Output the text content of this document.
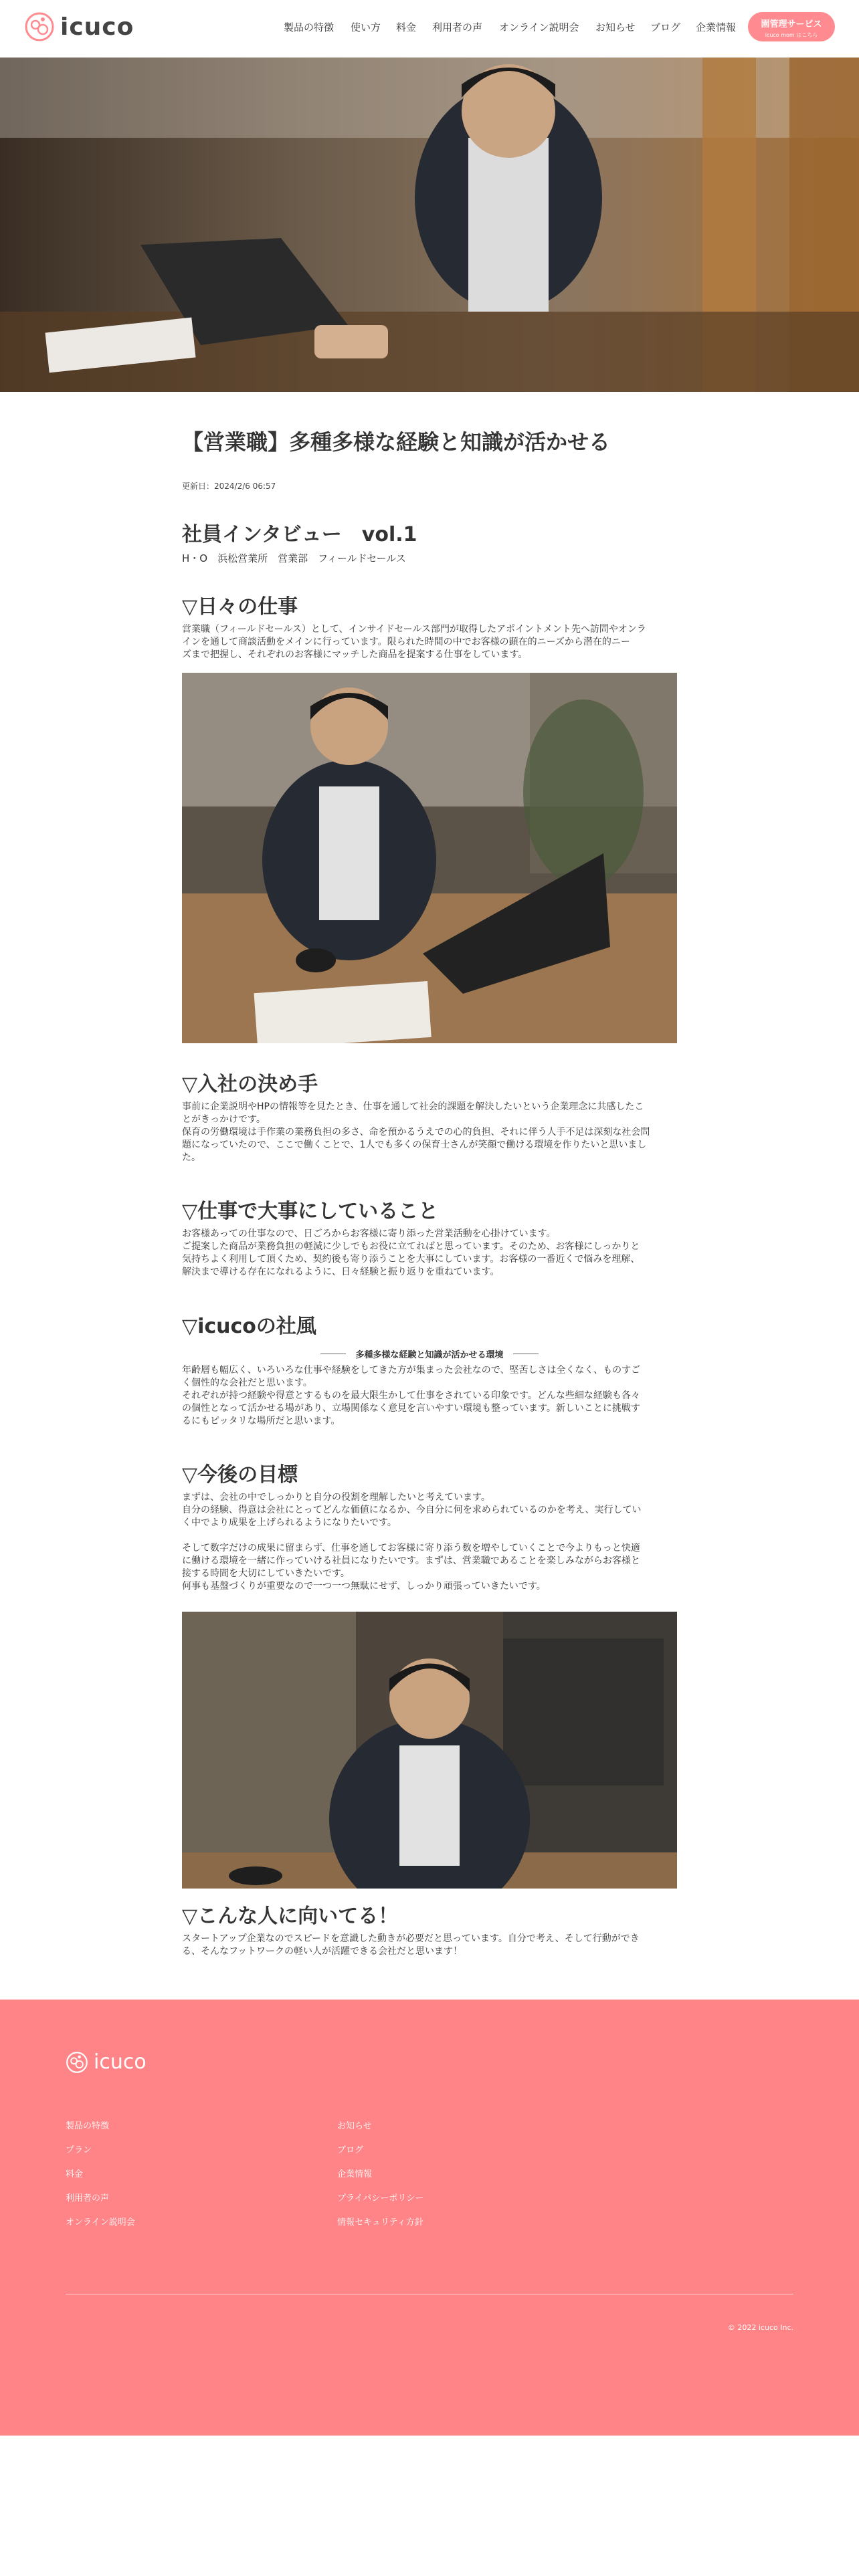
icuco	製品の特徴 使い方 料金 利用者の声 オンライン説明会 お知らせ ブログ 企業情報	園管理サービス
icuco mom はこちら
【営業職】多種多様な経験と知識が活かせる
更新日：2024/2/6 06:57
社員インタビュー　vol.1
H・O　浜松営業所　営業部　フィールドセールス
▽日々の仕事
営業職（フィールドセールス）として、インサイドセールス部門が取得したアポイントメント先へ訪問やオンラ
インを通して商談活動をメインに行っています。限られた時間の中でお客様の顕在的ニーズから潜在的ニー
ズまで把握し、それぞれのお客様にマッチした商品を提案する仕事をしています。
▽入社の決め手
事前に企業説明やHPの情報等を見たとき、仕事を通して社会的課題を解決したいという企業理念に共感したこ
とがきっかけです。
保育の労働環境は手作業の業務負担の多さ、命を預かるうえでの心的負担、それに伴う人手不足は深刻な社会問
題になっていたので、ここで働くことで、1人でも多くの保育士さんが笑顔で働ける環境を作りたいと思いまし
た。
▽仕事で大事にしていること
お客様あっての仕事なので、日ごろからお客様に寄り添った営業活動を心掛けています。
ご提案した商品が業務負担の軽減に少しでもお役に立てればと思っています。そのため、お客様にしっかりと
気持ちよく利用して頂くため、契約後も寄り添うことを大事にしています。お客様の一番近くで悩みを理解、
解決まで導ける存在になれるように、日々経験と振り返りを重ねています。
▽icucoの社風
多種多様な経験と知識が活かせる環境
年齢層も幅広く、いろいろな仕事や経験をしてきた方が集まった会社なので、堅苦しさは全くなく、ものすご
く個性的な会社だと思います。
それぞれが持つ経験や得意とするものを最大限生かして仕事をされている印象です。どんな些細な経験も各々
の個性となって活かせる場があり、立場関係なく意見を言いやすい環境も整っています。新しいことに挑戦す
るにもピッタリな場所だと思います。
▽今後の目標
まずは、会社の中でしっかりと自分の役割を理解したいと考えています。
自分の経験、得意は会社にとってどんな価値になるか、今自分に何を求められているのかを考え、実行してい
く中でより成果を上げられるようになりたいです。
そして数字だけの成果に留まらず、仕事を通してお客様に寄り添う数を増やしていくことで今よりもっと快適
に働ける環境を一緒に作っていける社員になりたいです。まずは、営業職であることを楽しみながらお客様と
接する時間を大切にしていきたいです。
何事も基盤づくりが重要なので一つ一つ無駄にせず、しっかり頑張っていきたいです。
▽こんな人に向いてる！
スタートアップ企業なのでスピードを意識した動きが必要だと思っています。自分で考え、そして行動ができ
る、そんなフットワークの軽い人が活躍できる会社だと思います！
icuco
製品の特徴
プラン
料金
利用者の声
オンライン説明会
お知らせ
ブログ
企業情報
プライバシーポリシー
情報セキュリティ方針
© 2022 icuco Inc.
